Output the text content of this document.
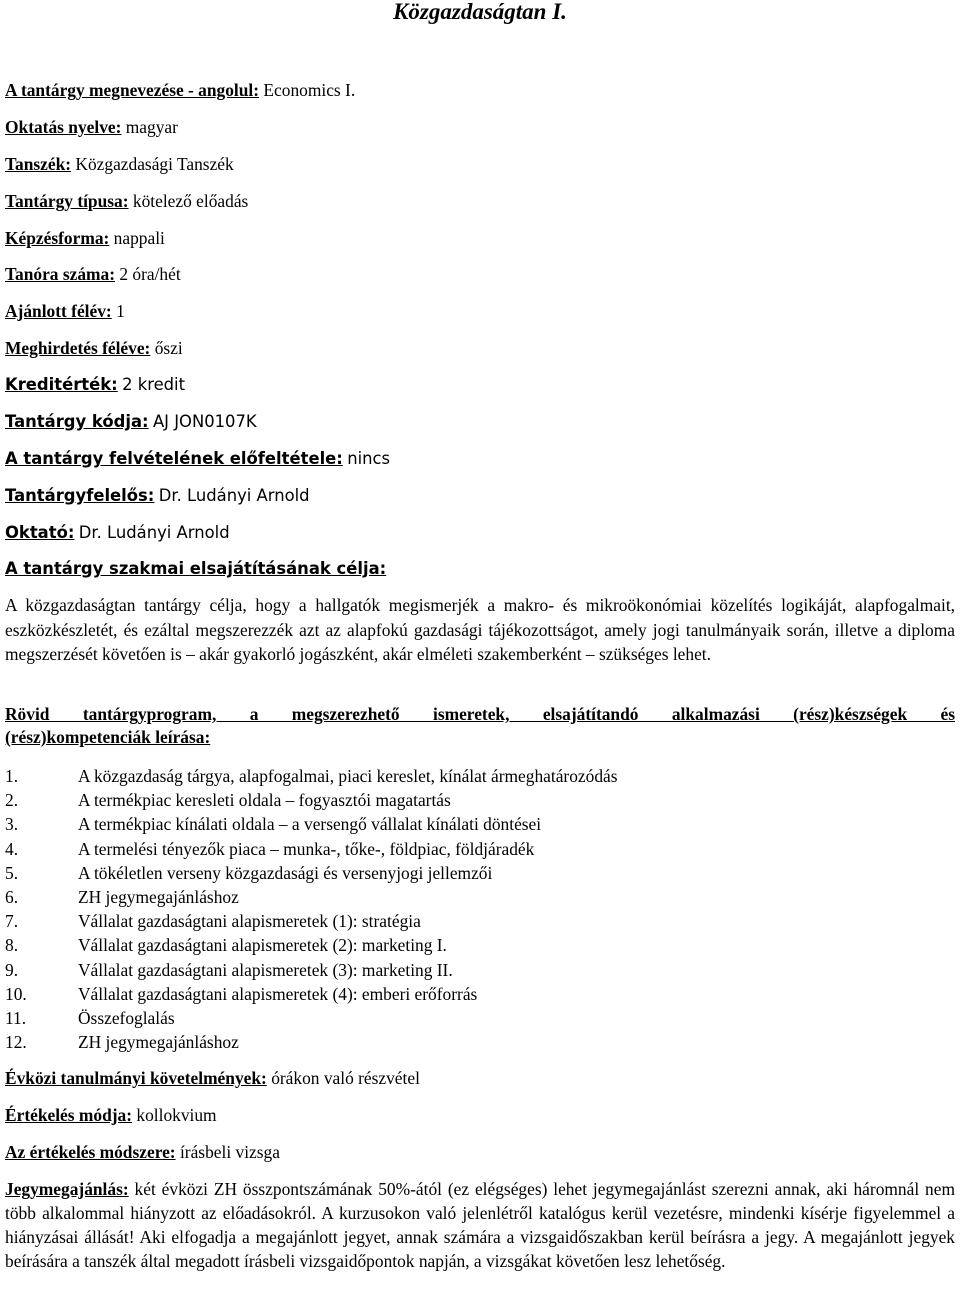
Közgazdaságtan I.
A tantárgy megnevezése - angolul: Economics I.
Oktatás nyelve: magyar
Tanszék: Közgazdasági Tanszék
Tantárgy típusa: kötelező előadás
Képzésforma: nappali
Tanóra száma: 2 óra/hét
Ajánlott félév: 1
Meghirdetés féléve: őszi
Kreditérték: 2 kredit
Tantárgy kódja: AJ JON0107K
A tantárgy felvételének előfeltétele: nincs
Tantárgyfelelős: Dr. Ludányi Arnold
Oktató: Dr. Ludányi Arnold
A tantárgy szakmai elsajátításának célja:
A közgazdaságtan tantárgy célja, hogy a hallgatók megismerjék a makro- és mikroökonómiai közelítés logikáját, alapfogalmait, eszközkészletét, és ezáltal megszerezzék azt az alapfokú gazdasági tájékozottságot, amely jogi tanulmányaik során, illetve a diploma megszerzését követően is – akár gyakorló jogászként, akár elméleti szakemberként – szükséges lehet.
Rövid tantárgyprogram, a megszerezhető ismeretek, elsajátítandó alkalmazási (rész)készségek és
(rész)kompetenciák leírása:
1.	A közgazdaság tárgya, alapfogalmai, piaci kereslet, kínálat ármeghatározódás
2.	A termékpiac keresleti oldala – fogyasztói magatartás
3.	A termékpiac kínálati oldala – a versengő vállalat kínálati döntései
4.	A termelési tényezők piaca – munka-, tőke-, földpiac, földjáradék
5.	A tökéletlen verseny közgazdasági és versenyjogi jellemzői
6.	ZH jegymegajánláshoz
7.	Vállalat gazdaságtani alapismeretek (1): stratégia
8.	Vállalat gazdaságtani alapismeretek (2): marketing I.
9.	Vállalat gazdaságtani alapismeretek (3): marketing II.
10.	Vállalat gazdaságtani alapismeretek (4): emberi erőforrás
11.	Összefoglalás
12.	ZH jegymegajánláshoz
Évközi tanulmányi követelmények: órákon való részvétel
Értékelés módja: kollokvium
Az értékelés módszere: írásbeli vizsga
Jegymegajánlás: két évközi ZH összpontszámának 50%-ától (ez elégséges) lehet jegymegajánlást szerezni annak, aki háromnál nem több alkalommal hiányzott az előadásokról. A kurzusokon való jelenlétről katalógus kerül vezetésre, mindenki kísérje figyelemmel a hiányzásai állását! Aki elfogadja a megajánlott jegyet, annak számára a vizsgaidőszakban kerül beírásra a jegy. A megajánlott jegyek beírására a tanszék által megadott írásbeli vizsgaidőpontok napján, a vizsgákat követően lesz lehetőség.
